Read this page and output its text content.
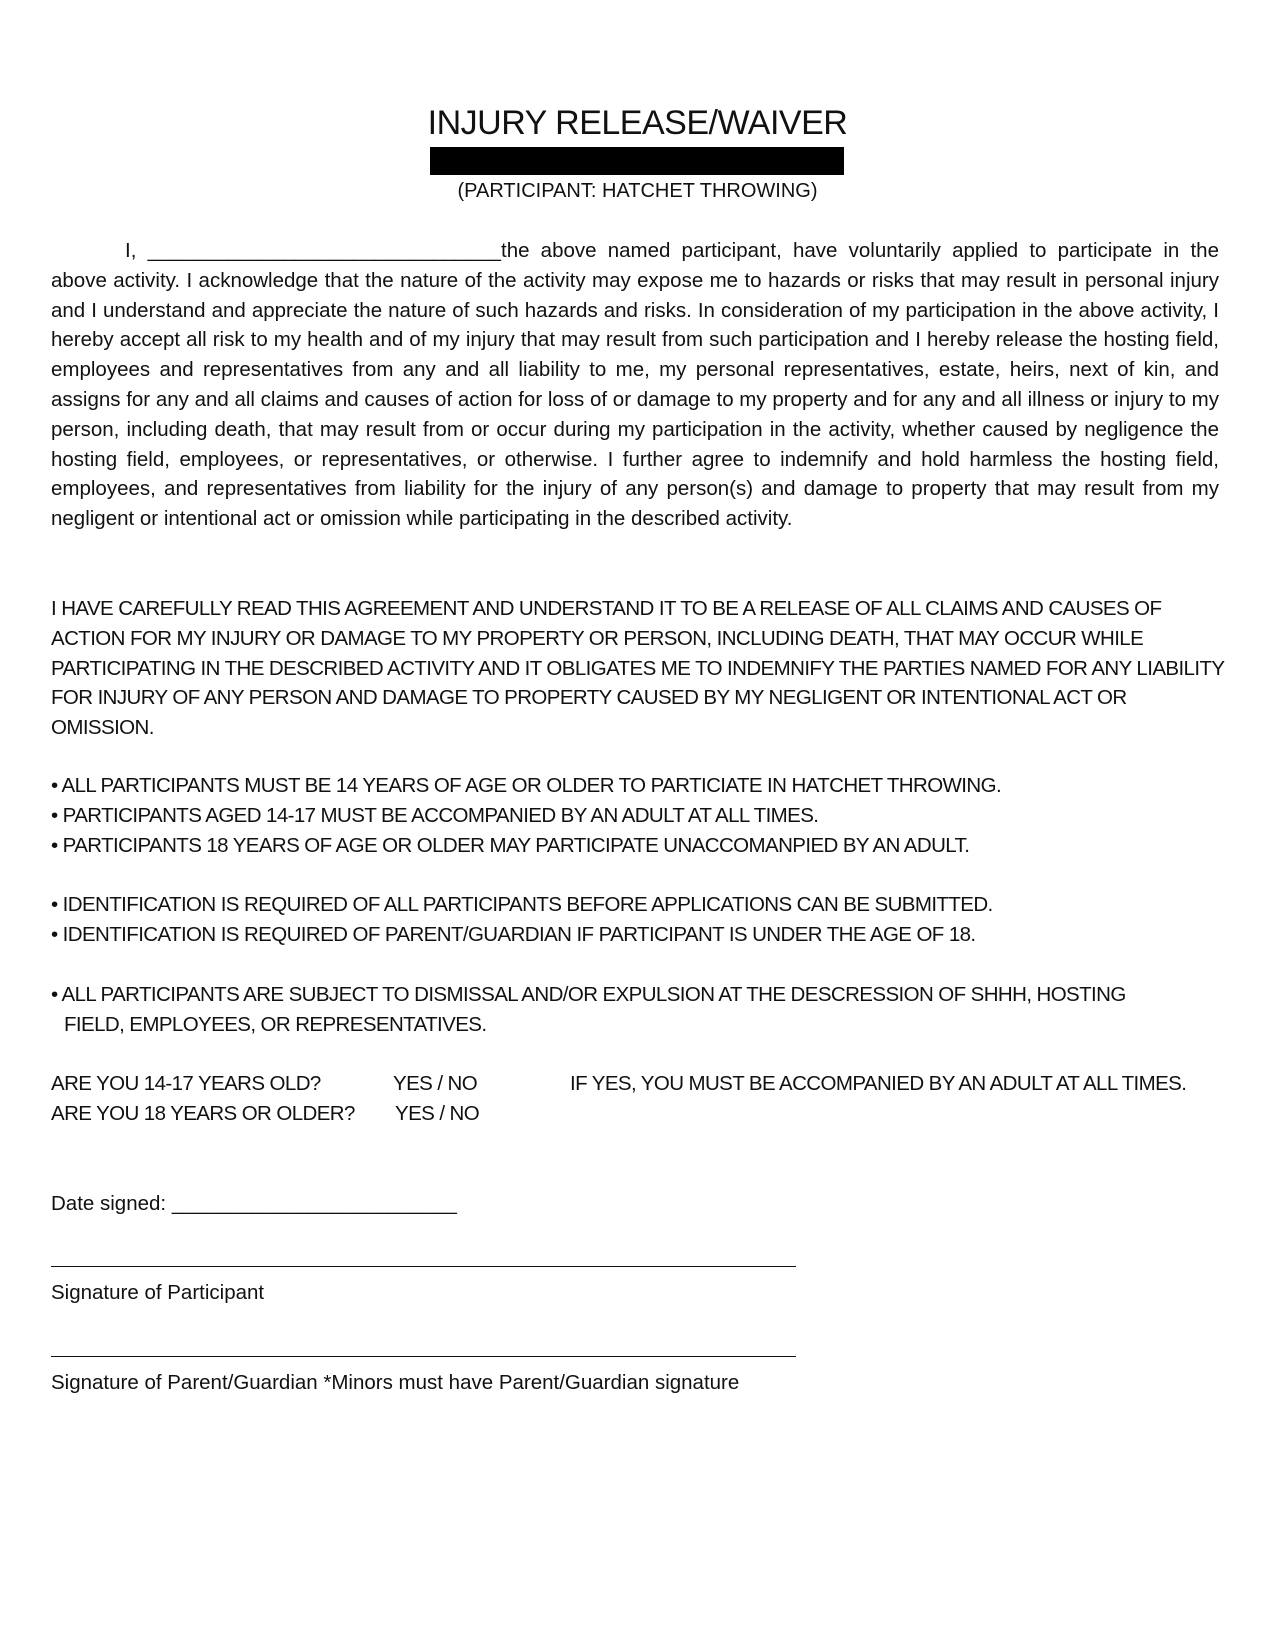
INJURY RELEASE/WAIVER
(PARTICIPANT: HATCHET THROWING)
I, _______________________________the above named participant, have voluntarily applied to participate in the above activity. I acknowledge that the nature of the activity may expose me to hazards or risks that may result in personal injury and I understand and appreciate the nature of such hazards and risks. In consideration of my participation in the above activity, I hereby accept all risk to my health and of my injury that may result from such participation and I hereby release the hosting field, employees and representatives from any and all liability to me, my personal representatives, estate, heirs, next of kin, and assigns for any and all claims and causes of action for loss of or damage to my property and for any and all illness or injury to my person, including death, that may result from or occur during my participation in the activity, whether caused by negligence the hosting field, employees, or representatives, or otherwise. I further agree to indemnify and hold harmless the hosting field, employees, and representatives from liability for the injury of any person(s) and damage to property that may result from my negligent or intentional act or omission while participating in the described activity.
I HAVE CAREFULLY READ THIS AGREEMENT AND UNDERSTAND IT TO BE A RELEASE OF ALL CLAIMS AND CAUSES OF ACTION FOR MY INJURY OR DAMAGE TO MY PROPERTY OR PERSON, INCLUDING DEATH, THAT MAY OCCUR WHILE PARTICIPATING IN THE DESCRIBED ACTIVITY AND IT OBLIGATES ME TO INDEMNIFY THE PARTIES NAMED FOR ANY LIABILITY FOR INJURY OF ANY PERSON AND DAMAGE TO PROPERTY CAUSED BY MY NEGLIGENT OR INTENTIONAL ACT OR OMISSION.

• ALL PARTICIPANTS MUST BE 14 YEARS OF AGE OR OLDER TO PARTICIATE IN HATCHET THROWING.

• PARTICIPANTS AGED 14-17 MUST BE ACCOMPANIED BY AN ADULT AT ALL TIMES.

• PARTICIPANTS 18 YEARS OF AGE OR OLDER MAY PARTICIPATE UNACCOMANPIED BY AN ADULT.

• IDENTIFICATION IS REQUIRED OF ALL PARTICIPANTS BEFORE APPLICATIONS CAN BE SUBMITTED.

• IDENTIFICATION IS REQUIRED OF PARENT/GUARDIAN IF PARTICIPANT IS UNDER THE AGE OF 18.

• ALL PARTICIPANTS ARE SUBJECT TO DISMISSAL AND/OR EXPULSION AT THE DESCRESSION OF SHHH, HOSTING

FIELD, EMPLOYEES, OR REPRESENTATIVES.

ARE YOU 14-17 YEARS OLD?	YES / NO	IF YES, YOU MUST BE ACCOMPANIED BY AN ADULT AT ALL TIMES.
ARE YOU 18 YEARS OR OLDER? YES / NO
Date signed: _________________________
Signature of Participant
Signature of Parent/Guardian *Minors must have Parent/Guardian signature
